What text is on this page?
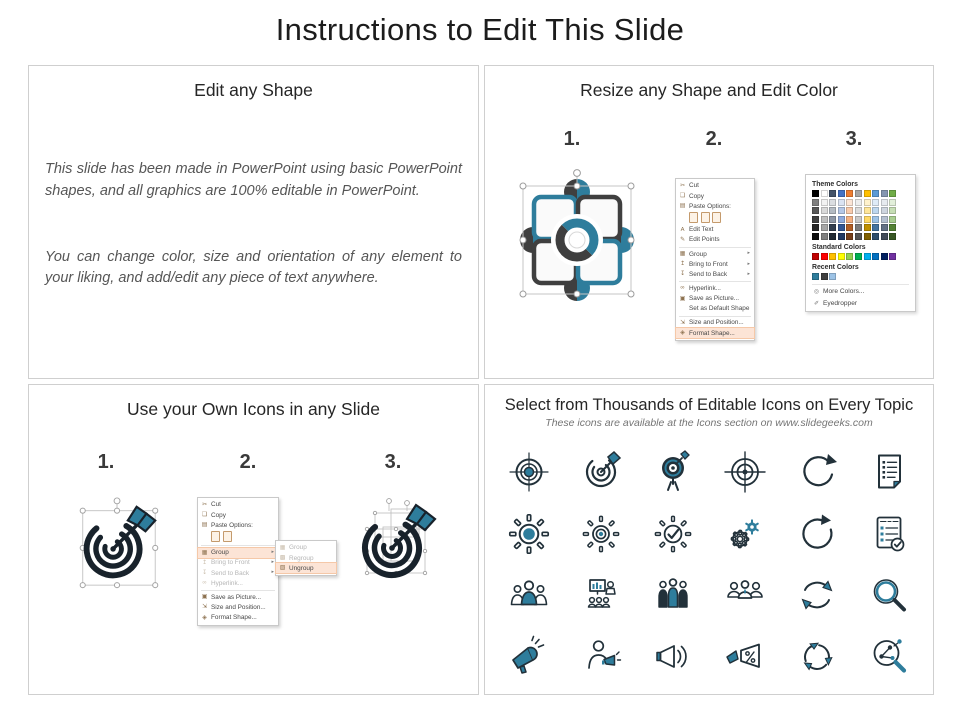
Instructions to Edit This Slide
Edit any Shape

This slide has been made in PowerPoint using basic PowerPoint shapes, and all graphics are 100% editable in PowerPoint.

You can change color, size and orientation of any element to your liking, and add/edit any piece of text anywhere.

Resize any Shape and Edit Color
1.	2.	3.
✂ Cut
❏ Copy
▤ Paste Options:
A Edit Text
✎ Edit Points
▦ Group	▸
↥ Bring to Front	▸
↧ Send to Back	▸
∞ Hyperlink...
▣ Save as Picture...
Set as Default Shape
⇲ Size and Position...
◈ Format Shape...
Theme Colors
Standard Colors
Recent Colors
◎ More Colors...
✐ Eyedropper
Use your Own Icons in any Slide
1.	2.	3.
✂ Cut
❏ Copy
▤ Paste Options:
▦ Group	▸
↥ Bring to Front	▸
↧ Send to Back	▸
∞ Hyperlink...
▣ Save as Picture...
⇲ Size and Position...
◈ Format Shape...
▦ Group
▩ Regroup
▧ Ungroup
Select from Thousands of Editable Icons on Every Topic
These icons are available at the Icons section on www.slidegeeks.com
